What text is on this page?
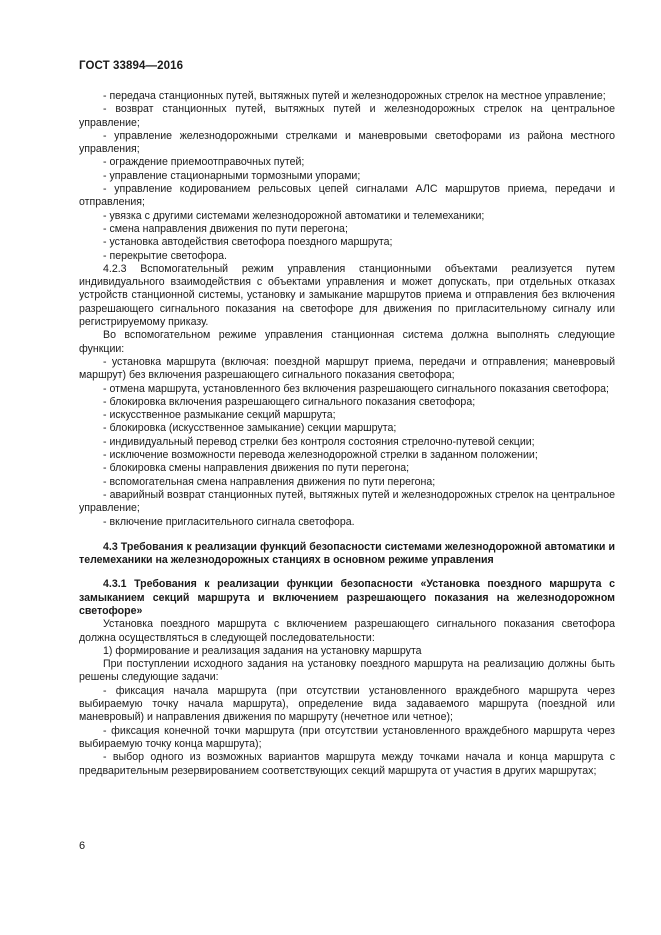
ГОСТ 33894—2016

- передача станционных путей, вытяжных путей и железнодорожных стрелок на местное управление;

- возврат станционных путей, вытяжных путей и железнодорожных стрелок на центральное управление;

- управление железнодорожными стрелками и маневровыми светофорами из района местного управления;

- ограждение приемоотправочных путей;

- управление стационарными тормозными упорами;

- управление кодированием рельсовых цепей сигналами АЛС маршрутов приема, передачи и отправления;

- увязка с другими системами железнодорожной автоматики и телемеханики;

- смена направления движения по пути перегона;

- установка автодействия светофора поездного маршрута;

- перекрытие светофора.

4.2.3 Вспомогательный режим управления станционными объектами реализуется путем индивидуального взаимодействия с объектами управления и может допускать, при отдельных отказах устройств станционной системы, установку и замыкание маршрутов приема и отправления без включения разрешающего сигнального показания на светофоре для движения по пригласительному сигналу или регистрируемому приказу.

Во вспомогательном режиме управления станционная система должна выполнять следующие функции:

- установка маршрута (включая: поездной маршрут приема, передачи и отправления; маневровый маршрут) без включения разрешающего сигнального показания светофора;

- отмена маршрута, установленного без включения разрешающего сигнального показания светофора;

- блокировка включения разрешающего сигнального показания светофора;

- искусственное размыкание секций маршрута;

- блокировка (искусственное замыкание) секции маршрута;

- индивидуальный перевод стрелки без контроля состояния стрелочно-путевой секции;

- исключение возможности перевода железнодорожной стрелки в заданном положении;

- блокировка смены направления движения по пути перегона;

- вспомогательная смена направления движения по пути перегона;

- аварийный возврат станционных путей, вытяжных путей и железнодорожных стрелок на центральное управление;

- включение пригласительного сигнала светофора.

4.3 Требования к реализации функций безопасности системами железнодорожной автоматики и телемеханики на железнодорожных станциях в основном режиме управления

4.3.1 Требования к реализации функции безопасности «Установка поездного маршрута с замыканием секций маршрута и включением разрешающего показания на железнодорожном светофоре»

Установка поездного маршрута с включением разрешающего сигнального показания светофора должна осуществляться в следующей последовательности:

1) формирование и реализация задания на установку маршрута

При поступлении исходного задания на установку поездного маршрута на реализацию должны быть решены следующие задачи:

- фиксация начала маршрута (при отсутствии установленного враждебного маршрута через выбираемую точку начала маршрута), определение вида задаваемого маршрута (поездной или маневровый) и направления движения по маршруту (нечетное или четное);

- фиксация конечной точки маршрута (при отсутствии установленного враждебного маршрута через выбираемую точку конца маршрута);

- выбор одного из возможных вариантов маршрута между точками начала и конца маршрута с предварительным резервированием соответствующих секций маршрута от участия в других маршрутах;

6
